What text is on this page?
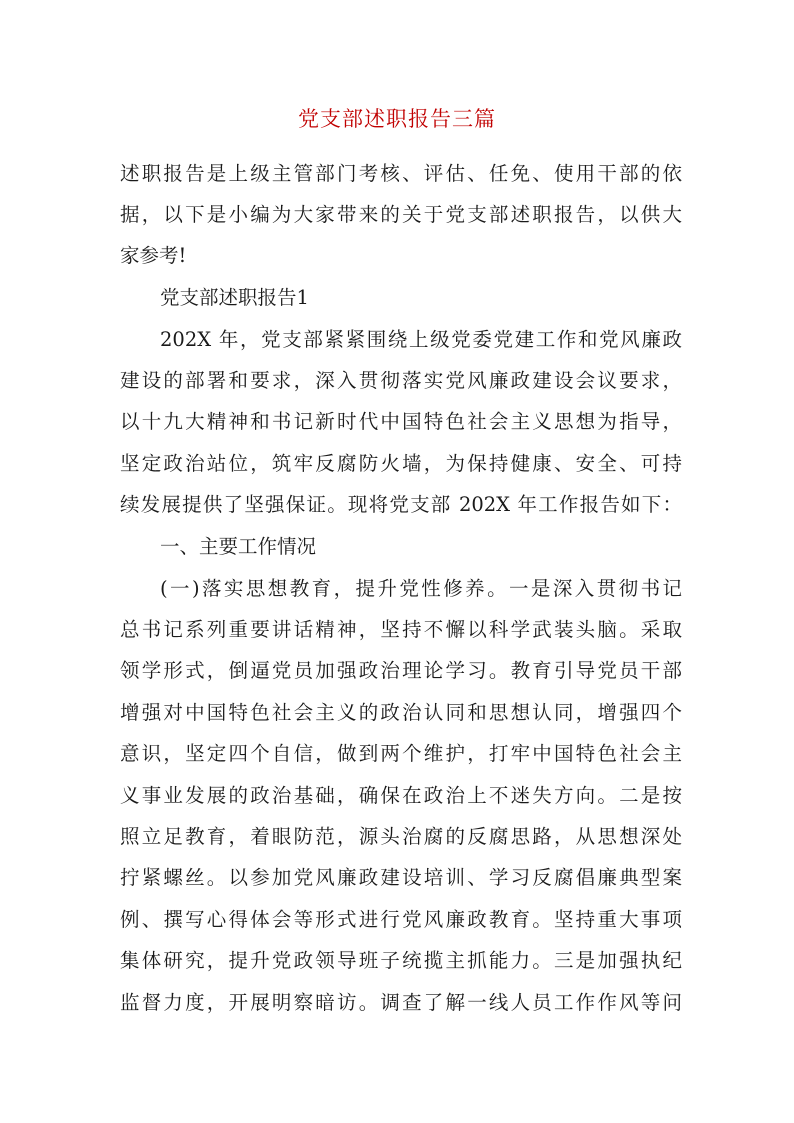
党支部述职报告三篇
述职报告是上级主管部门考核、评估、任免、使用干部的依
据，以下是小编为大家带来的关于党支部述职报告，以供大
家参考!
党支部述职报告1
202X 年，党支部紧紧围绕上级党委党建工作和党风廉政
建设的部署和要求，深入贯彻落实党风廉政建设会议要求，
以十九大精神和书记新时代中国特色社会主义思想为指导，
坚定政治站位，筑牢反腐防火墙，为保持健康、安全、可持
续发展提供了坚强保证。现将党支部 202X 年工作报告如下：
一、主要工作情况
(一)落实思想教育，提升党性修养。一是深入贯彻书记
总书记系列重要讲话精神，坚持不懈以科学武装头脑。采取
领学形式，倒逼党员加强政治理论学习。教育引导党员干部
增强对中国特色社会主义的政治认同和思想认同，增强四个
意识，坚定四个自信，做到两个维护，打牢中国特色社会主
义事业发展的政治基础，确保在政治上不迷失方向。二是按
照立足教育，着眼防范，源头治腐的反腐思路，从思想深处
拧紧螺丝。以参加党风廉政建设培训、学习反腐倡廉典型案
例、撰写心得体会等形式进行党风廉政教育。坚持重大事项
集体研究，提升党政领导班子统揽主抓能力。三是加强执纪
监督力度，开展明察暗访。调查了解一线人员工作作风等问
